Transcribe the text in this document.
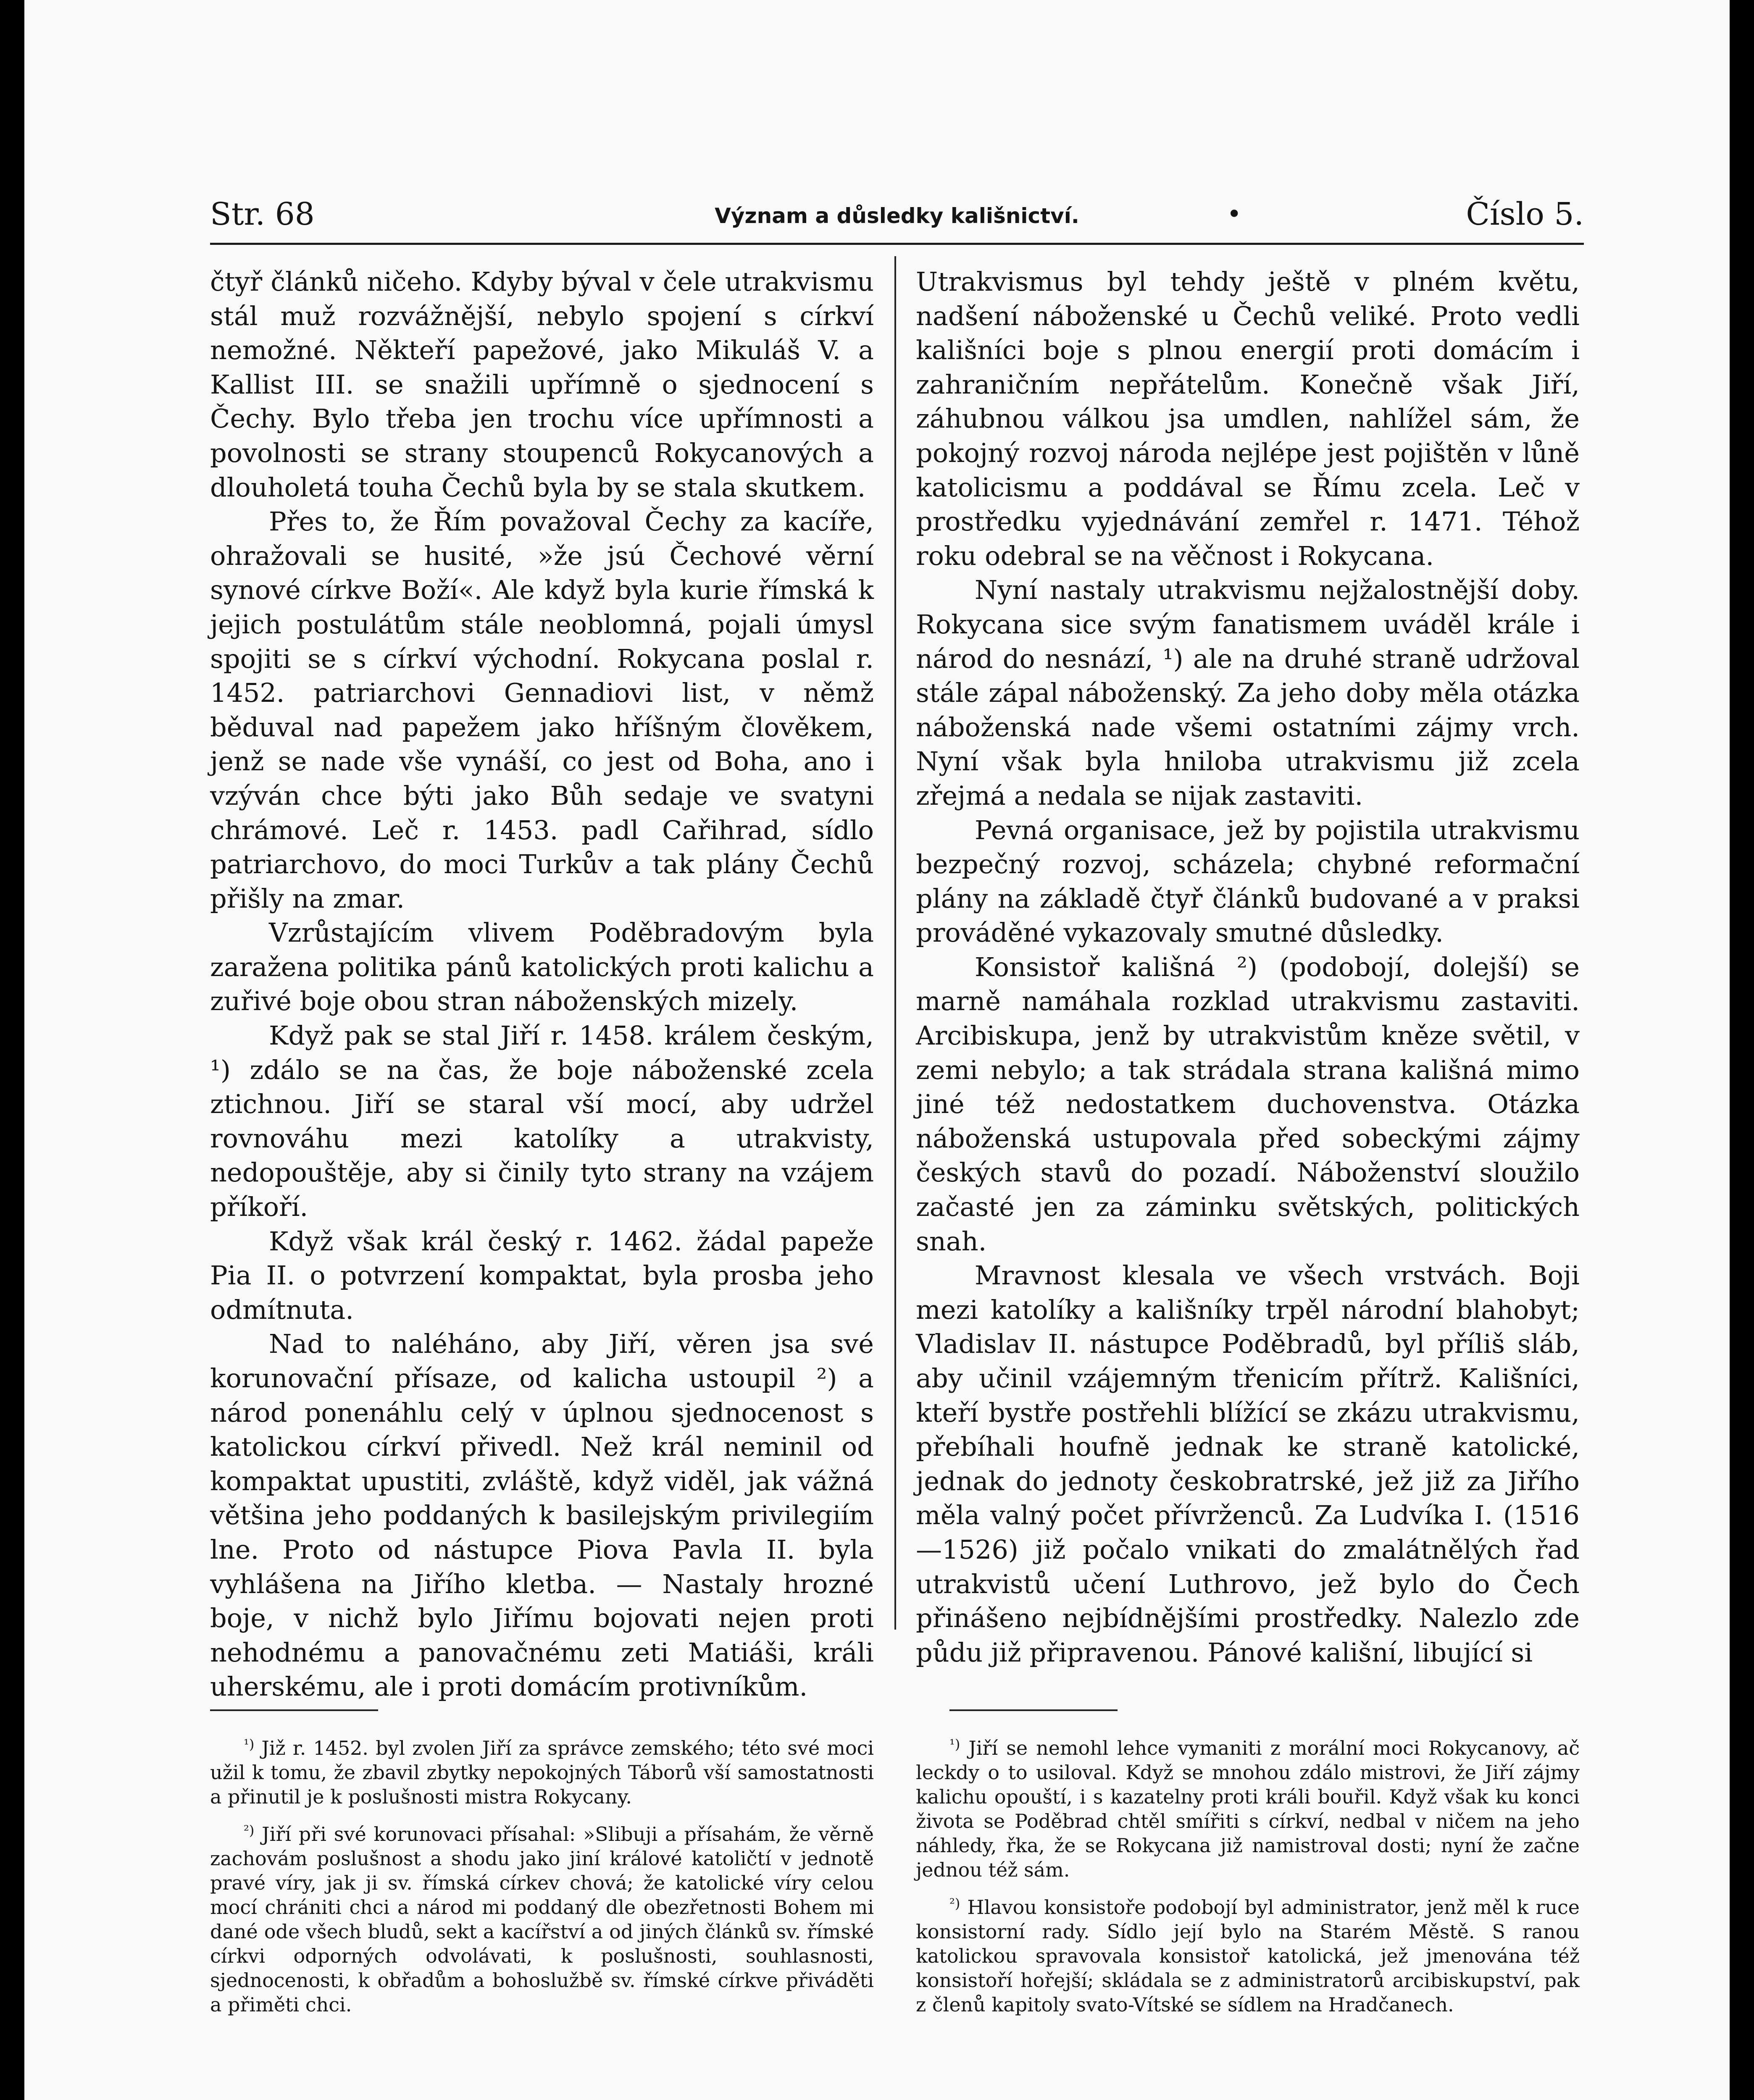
Str. 68	Význam a důsledky kališnictví.	•	Číslo 5.

čtyř článků ničeho. Kdyby býval v čele utrakvismu stál muž rozvážnější, nebylo spojení s církví nemožné. Někteří papežové, jako Mikuláš V. a Kallist III. se snažili upřímně o sjednocení s Čechy. Bylo třeba jen trochu více upřímnosti a povolnosti se strany stoupenců Rokycanových a dlouholetá touha Čechů byla by se stala skutkem.

Přes to, že Řím považoval Čechy za kacíře, ohražovali se husité, »že jsú Čechové věrní synové církve Boží«. Ale když byla kurie římská k jejich postulátům stále neoblomná, pojali úmysl spojiti se s církví východní. Rokycana poslal r. 1452. patriarchovi Gennadiovi list, v němž běduval nad papežem jako hříšným člověkem, jenž se nade vše vynáší, co jest od Boha, ano i vzýván chce býti jako Bůh sedaje ve svatyni chrámové. Leč r. 1453. padl Cařihrad, sídlo patriarchovo, do moci Turkův a tak plány Čechů přišly na zmar.

Vzrůstajícím vlivem Poděbradovým byla zaražena politika pánů katolických proti kalichu a zuřivé boje obou stran náboženských mizely.

Když pak se stal Jiří r. 1458. králem českým, ¹) zdálo se na čas, že boje náboženské zcela ztichnou. Jiří se staral vší mocí, aby udržel rovnováhu mezi katolíky a utrakvisty, nedopouštěje, aby si činily tyto strany na vzájem příkoří.

Když však král český r. 1462. žádal papeže Pia II. o potvrzení kompaktat, byla prosba jeho odmítnuta.

Nad to naléháno, aby Jiří, věren jsa své korunovační přísaze, od kalicha ustoupil ²) a národ ponenáhlu celý v úplnou sjednocenost s katolickou církví přivedl. Než král neminil od kompaktat upustiti, zvláště, když viděl, jak vážná většina jeho poddaných k basilejským privilegiím lne. Proto od nástupce Piova Pavla II. byla vyhlášena na Jiřího kletba. — Nastaly hrozné boje, v nichž bylo Jiřímu bojovati nejen proti nehodnému a panovačnému zeti Matiáši, králi uherskému, ale i proti domácím protivníkům.

$^{^1)}$ Již r. 1452. byl zvolen Jiří za správce zemského; této své moci užil k tomu, že zbavil zbytky nepokojných Táborů vší samostatnosti a přinutil je k poslušnosti mistra Rokycany.

$^{^2)}$ Jiří při své korunovaci přísahal: »Slibuji a přísahám, že věrně zachovám poslušnost a shodu jako jiní králové katoličtí v jednotě pravé víry, jak ji sv. římská církev chová; že katolické víry celou mocí chrániti chci a národ mi poddaný dle obezřetnosti Bohem mi dané ode všech bludů, sekt a kacířství a od jiných článků sv. římské církvi odporných odvolávati, k poslušnosti, souhlasnosti, sjednocenosti, k obřadům a bohoslužbě sv. římské církve přiváděti a přiměti chci.

Utrakvismus byl tehdy ještě v plném květu, nadšení náboženské u Čechů veliké. Proto vedli kališníci boje s plnou energií proti domácím i zahraničním nepřátelům. Konečně však Jiří, záhubnou válkou jsa umdlen, nahlížel sám, že pokojný rozvoj národa nejlépe jest pojištěn v lůně katolicismu a poddával se Římu zcela. Leč v prostředku vyjednávání zemřel r. 1471. Téhož roku odebral se na věčnost i Rokycana.

Nyní nastaly utrakvismu nejžalostnější doby. Rokycana sice svým fanatismem uváděl krále i národ do nesnází, ¹) ale na druhé straně udržoval stále zápal náboženský. Za jeho doby měla otázka náboženská nade všemi ostatními zájmy vrch. Nyní však byla hniloba utrakvismu již zcela zřejmá a nedala se nijak zastaviti.

Pevná organisace, jež by pojistila utrakvismu bezpečný rozvoj, scházela; chybné reformační plány na základě čtyř článků budované a v praksi prováděné vykazovaly smutné důsledky.

Konsistoř kališná ²) (podobojí, dolejší) se marně namáhala rozklad utrakvismu zastaviti. Arcibiskupa, jenž by utrakvistům kněze světil, v zemi nebylo; a tak strádala strana kališná mimo jiné též nedostatkem duchovenstva. Otázka náboženská ustupovala před sobeckými zájmy českých stavů do pozadí. Náboženství sloužilo začasté jen za záminku světských, politických snah.

Mravnost klesala ve všech vrstvách. Boji mezi katolíky a kališníky trpěl národní blahobyt; Vladislav II. nástupce Poděbradů, byl příliš sláb, aby učinil vzájemným třenicím přítrž. Kališníci, kteří bystře postřehli blížící se zkázu utrakvismu, přebíhali houfně jednak ke straně katolické, jednak do jednoty českobratrské, jež již za Jiřího měla valný počet přívrženců. Za Ludvíka I. (1516—1526) již počalo vnikati do zmalátnělých řad utrakvistů učení Luthrovo, jež bylo do Čech přinášeno nejbídnějšími prostředky. Nalezlo zde půdu již připravenou. Pánové kališní, libující si

$^{^1)}$ Jiří se nemohl lehce vymaniti z morální moci Rokycanovy, ač leckdy o to usiloval. Když se mnohou zdálo mistrovi, že Jiří zájmy kalichu opouští, i s kazatelny proti králi bouřil. Když však ku konci života se Poděbrad chtěl smířiti s církví, nedbal v ničem na jeho náhledy, řka, že se Rokycana již namistroval dosti; nyní že začne jednou též sám.

$^{^2)}$ Hlavou konsistoře podobojí byl administrator, jenž měl k ruce konsistorní rady. Sídlo její bylo na Starém Městě. S ranou katolickou spravovala konsistoř katolická, jež jmenována též konsistoří hořejší; skládala se z administratorů arcibiskupství, pak z členů kapitoly svato-Vítské se sídlem na Hradčanech.
